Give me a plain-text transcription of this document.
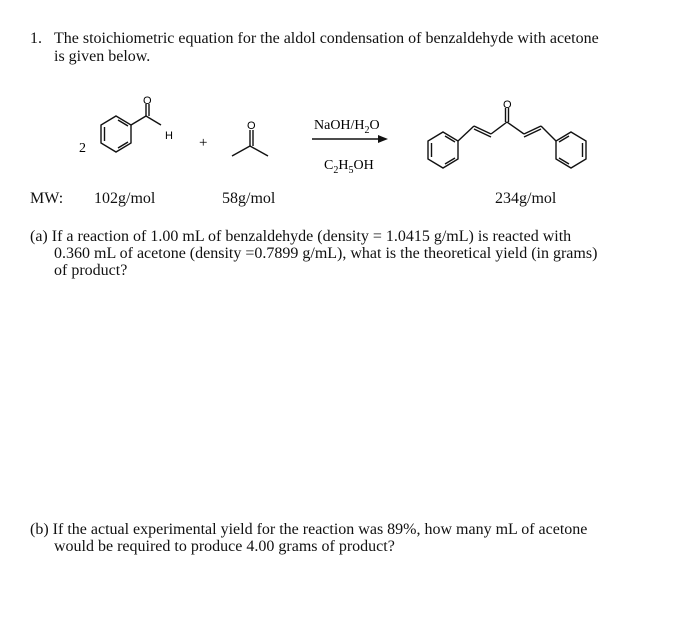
1. The stoichiometric equation for the aldol condensation of benzaldehyde with acetone
is given below.
O
H
O
O
2	+
NaOH/$H_2O$
$C_2H_5OH$
MW: 102g/mol	58g/mol	234g/mol
(a) If a reaction of 1.00 mL of benzaldehyde (density = 1.0415 g/mL) is reacted with
0.360 mL of acetone (density =0.7899 g/mL), what is the theoretical yield (in grams)
of product?
(b) If the actual experimental yield for the reaction was 89%, how many mL of acetone
would be required to produce 4.00 grams of product?
